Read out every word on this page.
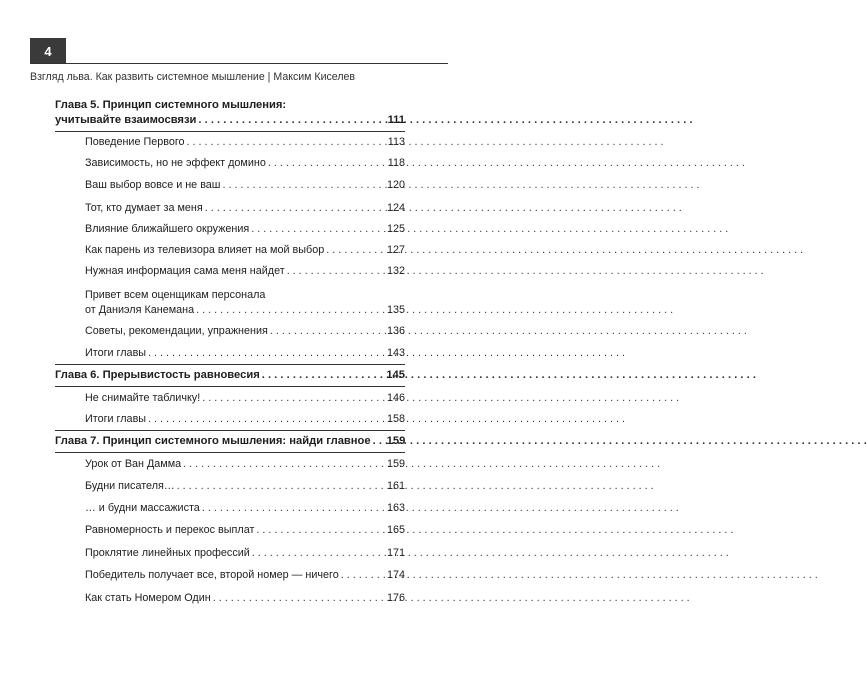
4
Взгляд льва. Как развить системное мышление | Максим Киселев
Глава 5. Принцип системного мышления:
учитывайте взаимосвязи . . .	111
Поведение Первого . . .	113
Зависимость, но не эффект домино . . .	118
Ваш выбор вовсе и не ваш . . .	120
Тот, кто думает за меня . . .	124
Влияние ближайшего окружения . . .	125
Как парень из телевизора влияет на мой выбор . . .	127
Нужная информация сама меня найдет . . .	132
Привет всем оценщикам персонала
от Даниэля Канемана . . .	135
Советы, рекомендации, упражнения . . .	136
Итоги главы . . .	143
Глава 6. Прерывистость равновесия . . .	145
Не снимайте табличку! . . .	146
Итоги главы . . .	158
Глава 7. Принцип системного мышления: найди главное . . . 159
Урок от Ван Дамма . . .	159
Будни писателя… . . .	161
… и будни массажиста . . .	163
Равномерность и перекос выплат . . .	165
Проклятие линейных профессий . . .	171
Победитель получает все, второй номер — ничего . . .	174
Как стать Номером Один . . .	176
